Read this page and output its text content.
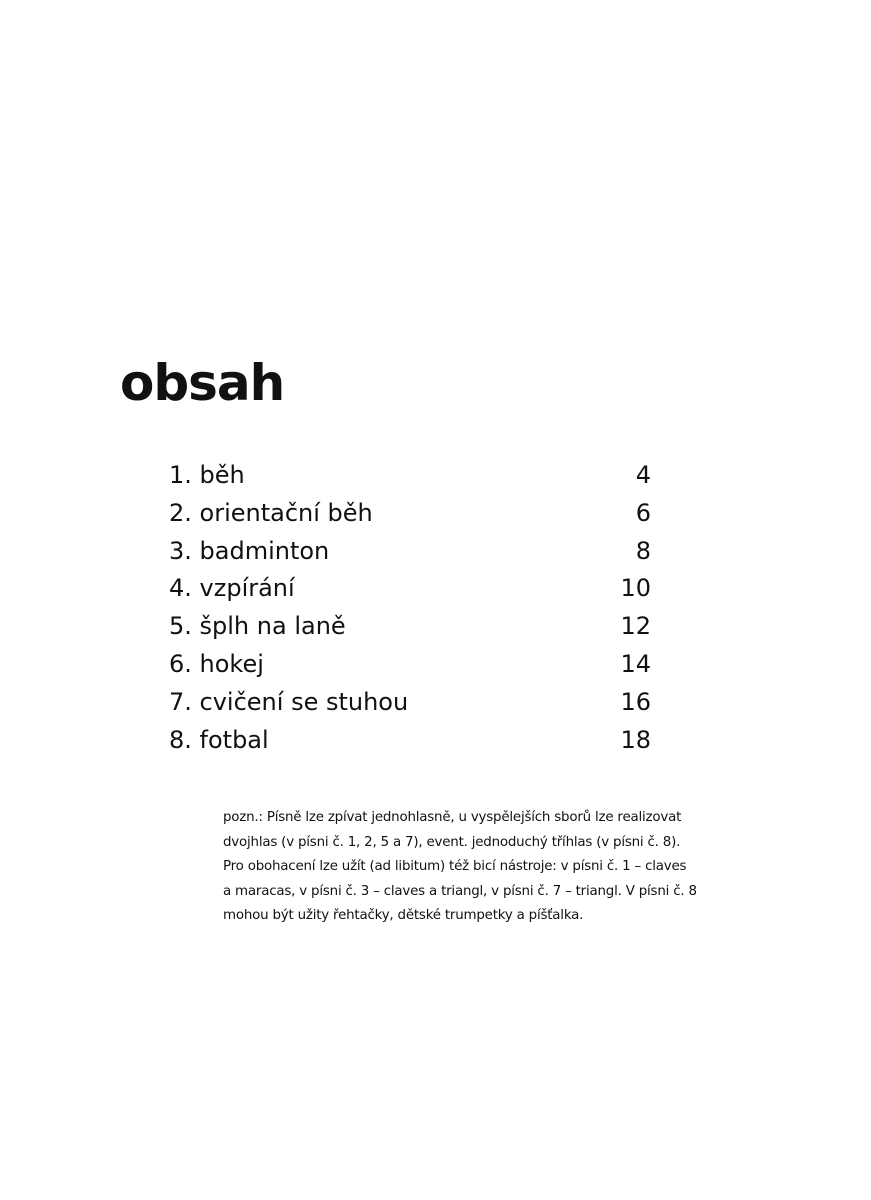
obsah
1. běh	4
2. orientační běh	6
3. badminton	8
4. vzpírání	10
5. šplh na laně	12
6. hokej	14
7. cvičení se stuhou	16
8. fotbal	18

pozn.: Písně lze zpívat jednohlasně, u vyspělejších sborů lze realizovat
dvojhlas (v písni č. 1, 2, 5 a 7), event. jednoduchý tříhlas (v písni č. 8).
Pro obohacení lze užít (ad libitum) též bicí nástroje: v písni č. 1 – claves
a maracas, v písni č. 3 – claves a triangl, v písni č. 7 – triangl. V písni č. 8
mohou být užity řehtačky, dětské trumpetky a píšťalka.
